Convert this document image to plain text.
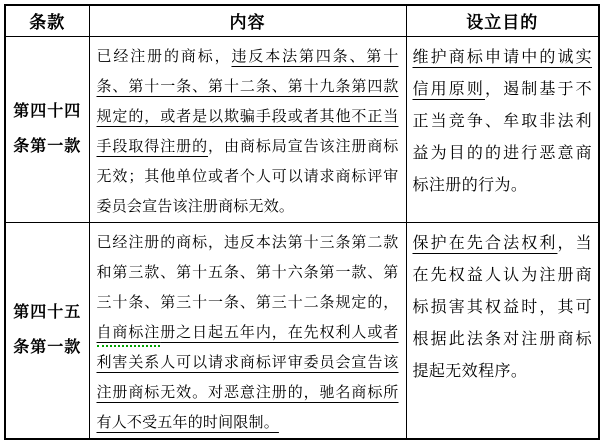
条款	内容	设立目的
第四十四条第一款	已经注册的商标，违反本法第四条、第十条、第十一条、第十二条、第十九条第四款规定的，或者是以欺骗手段或者其他不正当手段取得注册的，由商标局宣告该注册商标无效；其他单位或者个人可以请求商标评审委员会宣告该注册商标无效。	维护商标申请中的诚实信用原则，遏制基于不正当竞争、牟取非法利益为目的的进行恶意商标注册的行为。
第四十五条第一款	已经注册的商标，违反本法第十三条第二款和第三款、第十五条、第十六条第一款、第三十条、第三十一条、第三十二条规定的，自商标注册之日起五年内，在先权利人或者利害关系人可以请求商标评审委员会宣告该注册商标无效。对恶意注册的，驰名商标所有人不受五年的时间限制。	保护在先合法权利，当在先权益人认为注册商标损害其权益时，其可根据此法条对注册商标提起无效程序。
